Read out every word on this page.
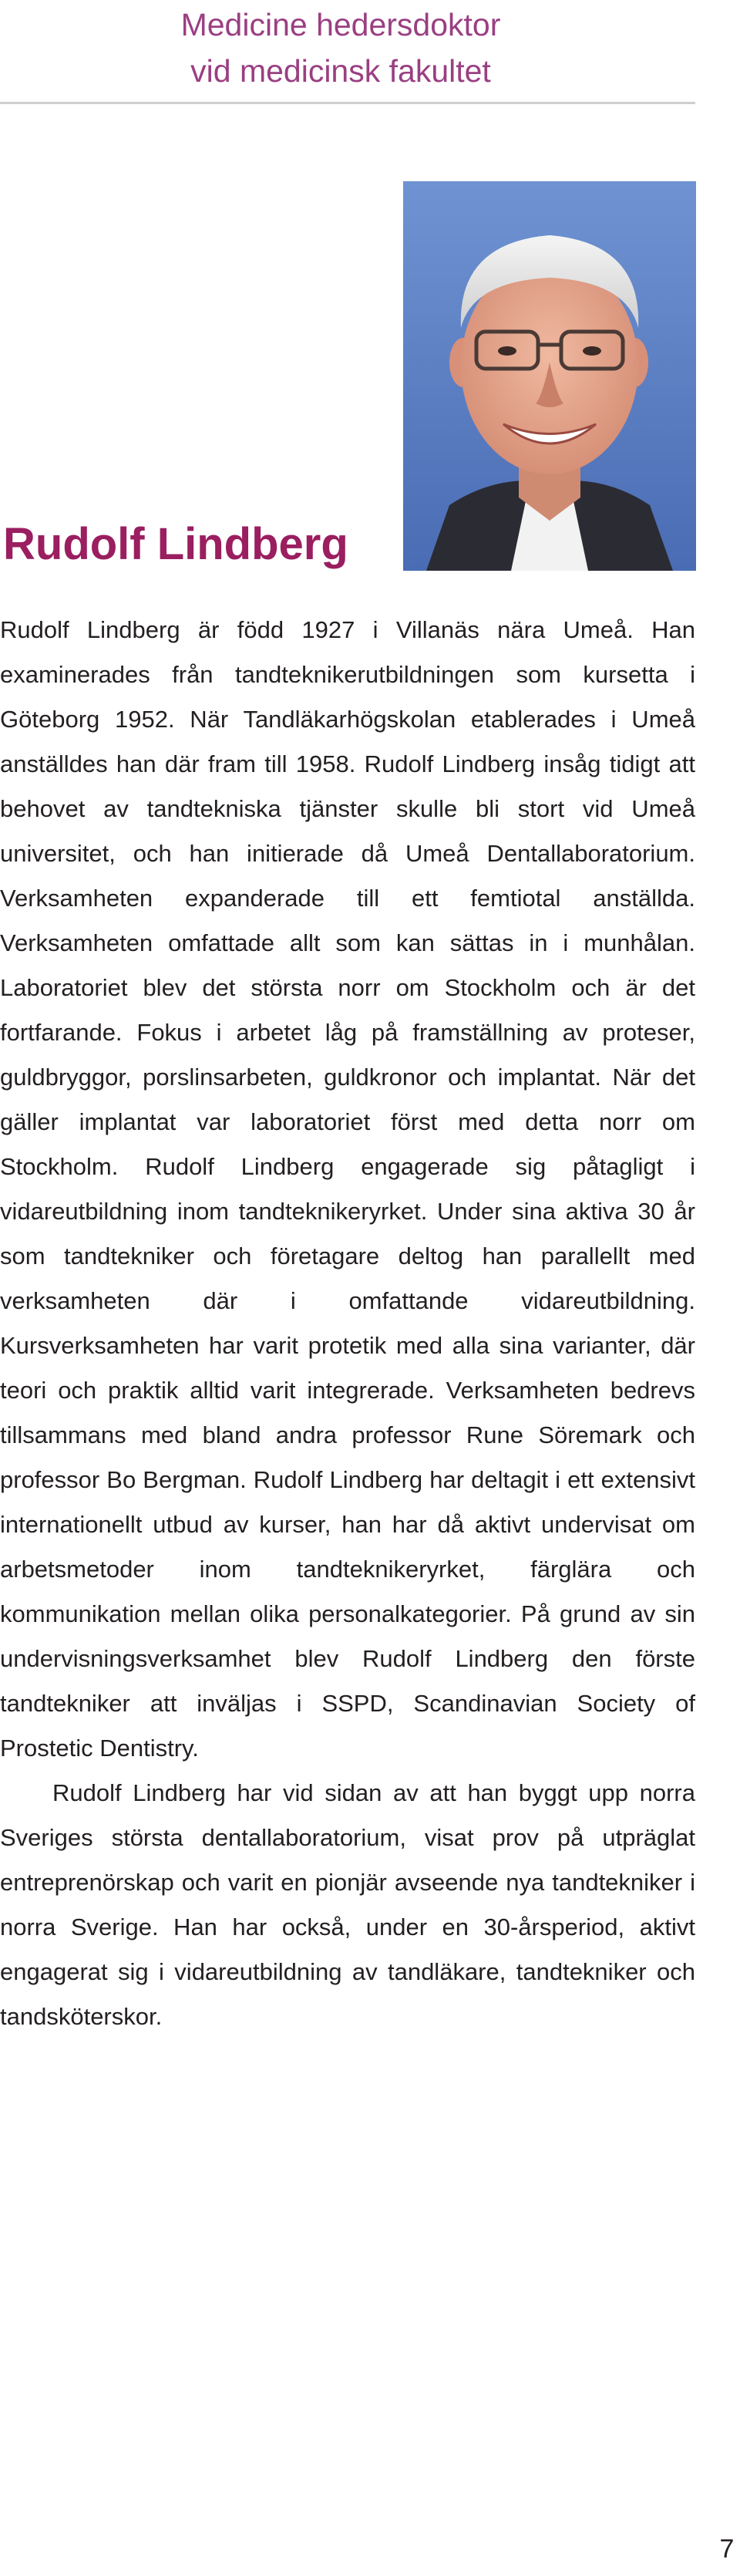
Medicine hedersdoktor
vid medicinsk fakultet
Rudolf Lindberg

Rudolf Lindberg är född 1927 i Villanäs nära Umeå. Han examinerades från tandteknikerutbildningen som kursetta i Göteborg 1952. När Tandläkarhögskolan etablerades i Umeå anställdes han där fram till 1958. Rudolf Lindberg insåg tidigt att behovet av tandtekniska tjänster skulle bli stort vid Umeå universitet, och han initierade då Umeå Dentallaboratorium. Verksamheten expanderade till ett femtiotal anställda. Verksamheten omfattade allt som kan sättas in i munhålan. Laboratoriet blev det största norr om Stockholm och är det fortfarande. Fokus i arbetet låg på framställning av proteser, guldbryggor, porslinsarbeten, guldkronor och implantat. När det gäller implantat var laboratoriet först med detta norr om Stockholm. Rudolf Lindberg engagerade sig påtagligt i vidareutbildning inom tandteknikeryrket. Under sina aktiva 30 år som tandtekniker och företagare deltog han parallellt med verksamheten där i omfattande vidareutbildning. Kursverksamheten har varit protetik med alla sina varianter, där teori och praktik alltid varit integrerade. Verksamheten bedrevs tillsammans med bland andra professor Rune Söremark och professor Bo Bergman. Rudolf Lindberg har deltagit i ett extensivt internationellt utbud av kurser, han har då aktivt undervisat om arbetsmetoder inom tandteknikeryrket, färglära och kommunikation mellan olika personalkategorier. På grund av sin undervisningsverksamhet blev Rudolf Lindberg den förste tandtekniker att inväljas i SSPD, Scandinavian Society of Prostetic Dentistry.

Rudolf Lindberg har vid sidan av att han byggt upp norra Sveriges största dentallaboratorium, visat prov på utpräglat entreprenörskap och varit en pionjär avseende nya tandtekniker i norra Sverige. Han har också, under en 30-årsperiod, aktivt engagerat sig i vidareutbildning av tandläkare, tandtekniker och tandsköterskor.

7
